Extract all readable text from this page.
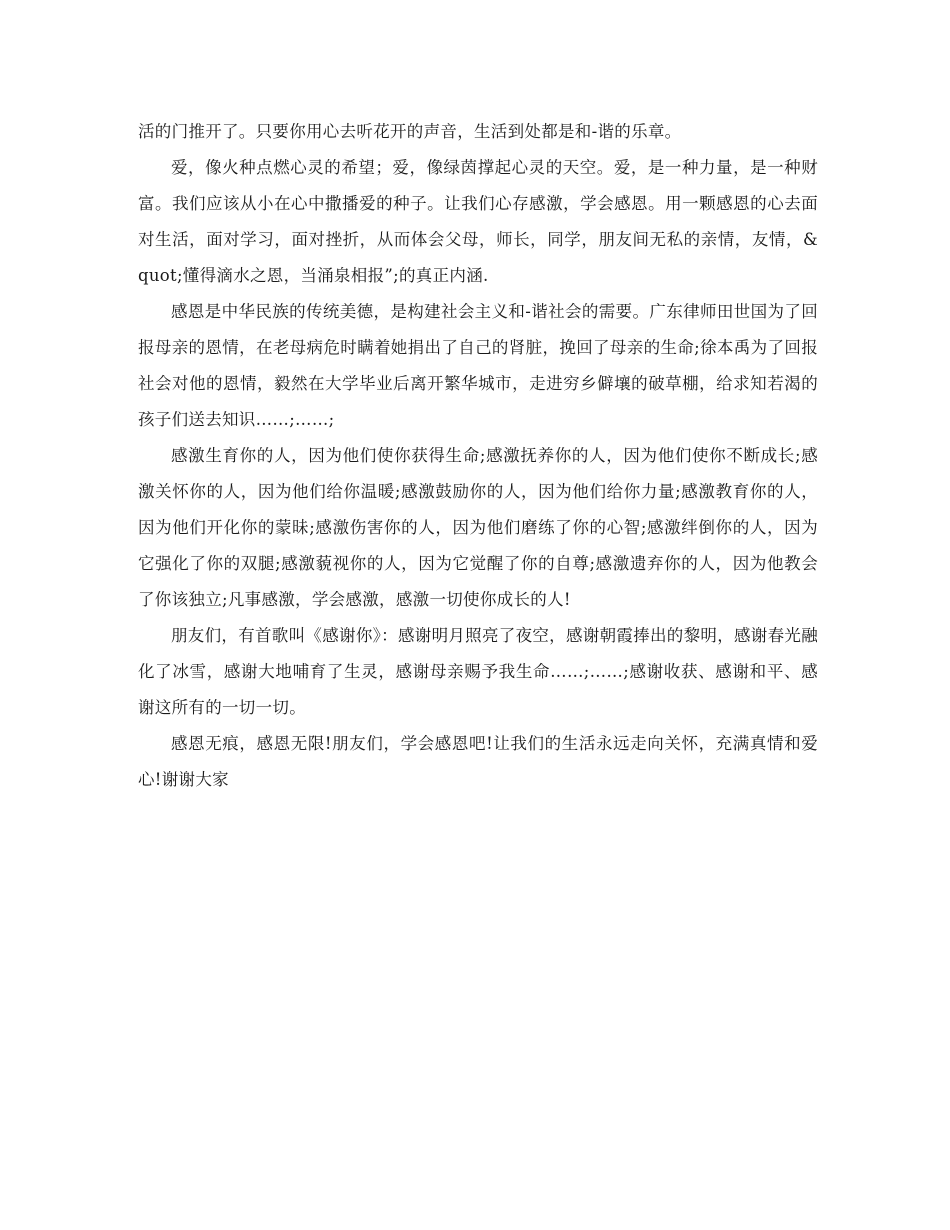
活的门推开了。只要你用心去听花开的声音，生活到处都是和-谐的乐章。

爱，像火种点燃心灵的希望；爱，像绿茵撑起心灵的天空。爱，是一种力量，是一种财富。我们应该从小在心中撒播爱的种子。让我们心存感激，学会感恩。用一颗感恩的心去面对生活，面对学习，面对挫折，从而体会父母，师长，同学，朋友间无私的亲情，友情，&quot;懂得滴水之恩，当涌泉相报”;的真正内涵.

感恩是中华民族的传统美德，是构建社会主义和-谐社会的需要。广东律师田世国为了回报母亲的恩情，在老母病危时瞒着她捐出了自己的肾脏，挽回了母亲的生命;徐本禹为了回报社会对他的恩情，毅然在大学毕业后离开繁华城市，走进穷乡僻壤的破草棚，给求知若渴的孩子们送去知识……;……;

感激生育你的人，因为他们使你获得生命;感激抚养你的人，因为他们使你不断成长;感激关怀你的人，因为他们给你温暖;感激鼓励你的人，因为他们给你力量;感激教育你的人，因为他们开化你的蒙昧;感激伤害你的人，因为他们磨练了你的心智;感激绊倒你的人，因为它强化了你的双腿;感激藐视你的人，因为它觉醒了你的自尊;感激遗弃你的人，因为他教会了你该独立;凡事感激，学会感激，感激一切使你成长的人!

朋友们，有首歌叫《感谢你》：感谢明月照亮了夜空，感谢朝霞捧出的黎明，感谢春光融化了冰雪，感谢大地哺育了生灵，感谢母亲赐予我生命……;……;感谢收获、感谢和平、感谢这所有的一切一切。

感恩无痕，感恩无限!朋友们，学会感恩吧!让我们的生活永远走向关怀，充满真情和爱心!谢谢大家
